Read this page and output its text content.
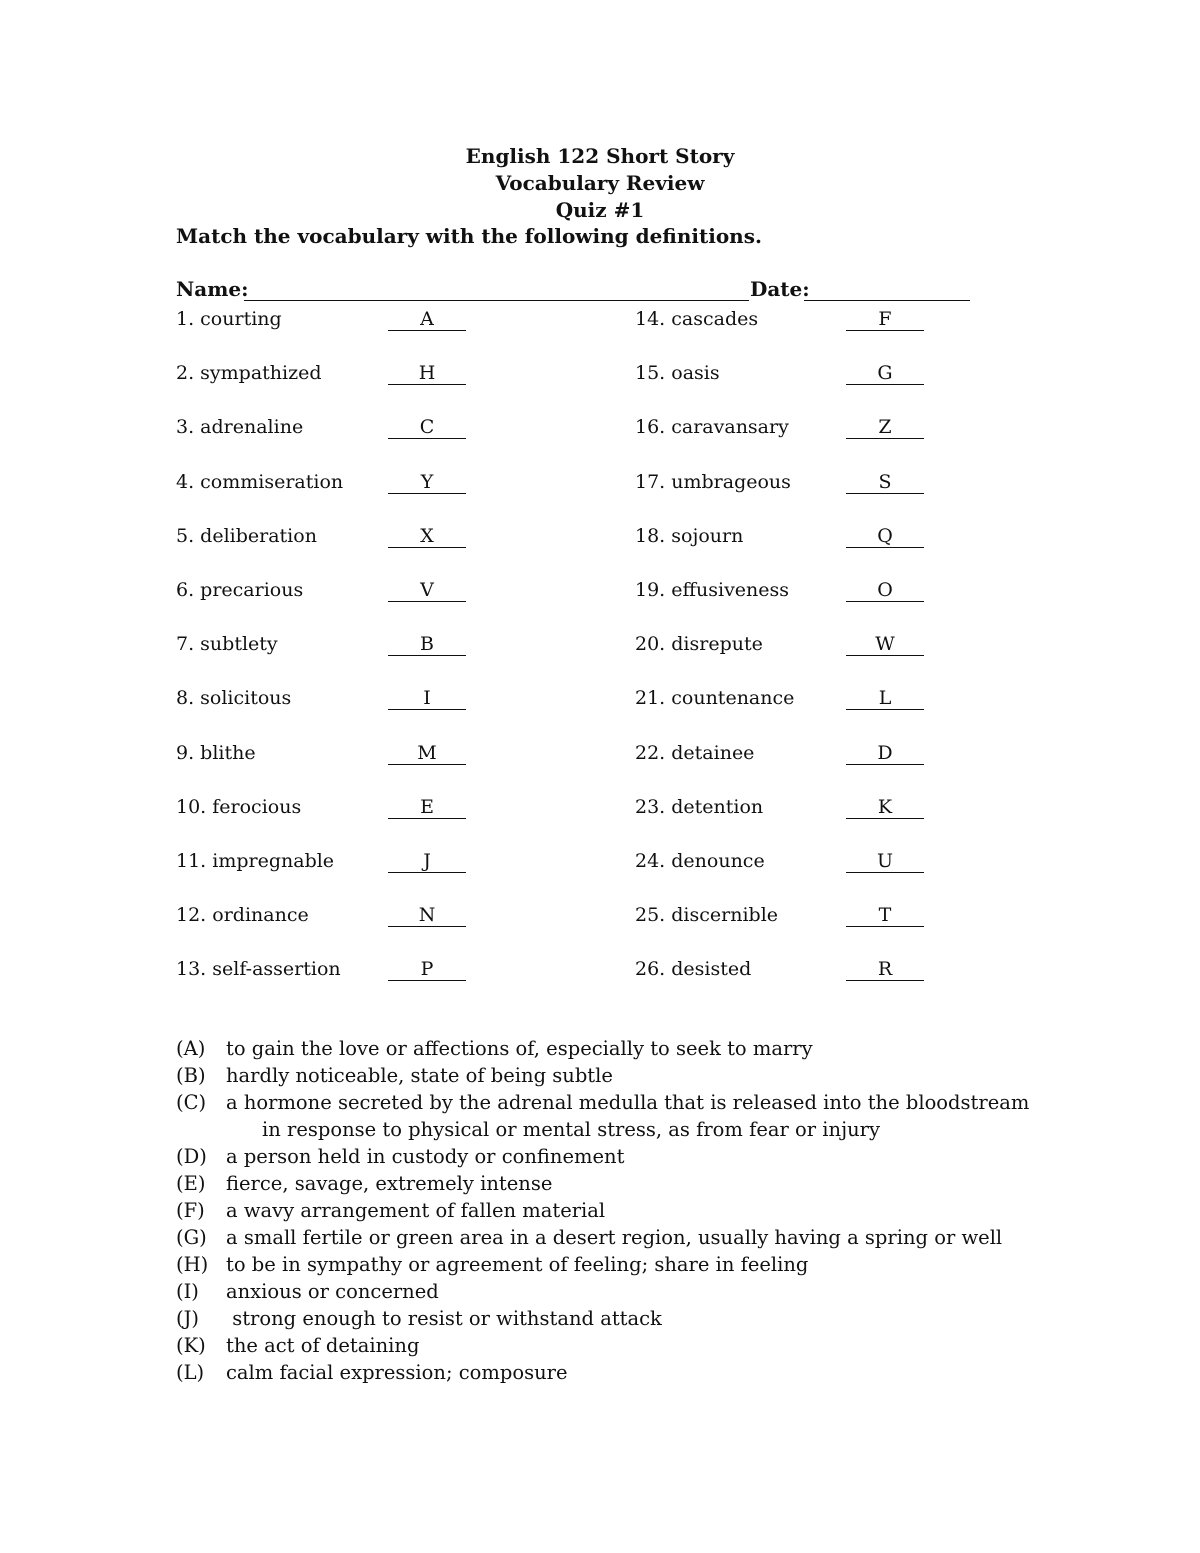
English 122 Short Story
Vocabulary Review
Quiz #1
Match the vocabulary with the following definitions.
Name:	Date:
1. courting	A
2. sympathized	H
3. adrenaline	C
4. commiseration	Y
5. deliberation	X
6. precarious	V
7. subtlety	B
8. solicitous	I
9. blithe	M
10. ferocious	E
11. impregnable	J
12. ordinance	N
13. self-assertion	P
14. cascades	F
15. oasis	G
16. caravansary	Z
17. umbrageous	S
18. sojourn	Q
19. effusiveness	O
20. disrepute	W
21. countenance	L
22. detainee	D
23. detention	K
24. denounce	U
25. discernible	T
26. desisted	R
(A) to gain the love or affections of, especially to seek to marry
(B) hardly noticeable, state of being subtle
(C) a hormone secreted by the adrenal medulla that is released into the bloodstream
in response to physical or mental stress, as from fear or injury
(D) a person held in custody or confinement
(E) fierce, savage, extremely intense
(F) a wavy arrangement of fallen material
(G) a small fertile or green area in a desert region, usually having a spring or well
(H) to be in sympathy or agreement of feeling; share in feeling
(I) anxious or concerned
(J) strong enough to resist or withstand attack
(K) the act of detaining
(L) calm facial expression; composure
